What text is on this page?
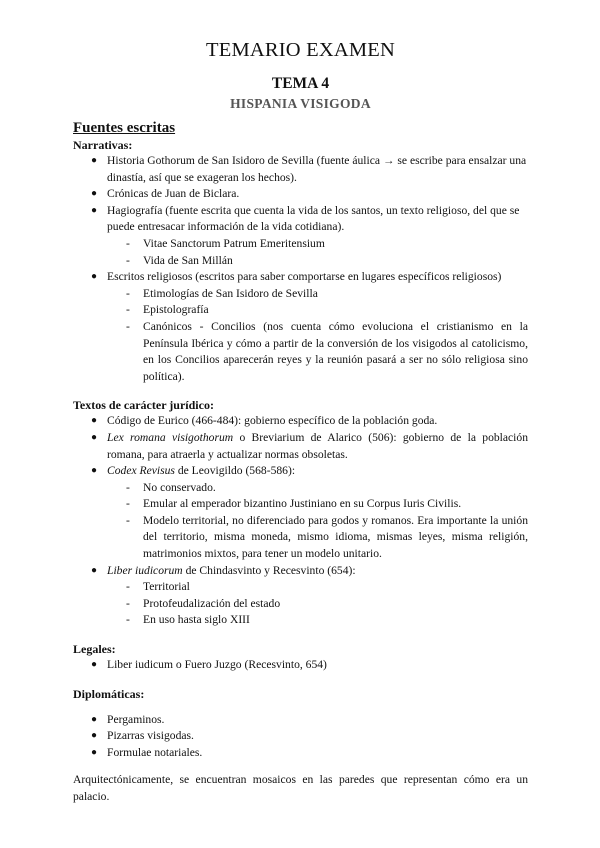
TEMARIO EXAMEN
TEMA 4
HISPANIA VISIGODA
Fuentes escritas
Narrativas:
● Historia Gothorum de San Isidoro de Sevilla (fuente áulica → se escribe para ensalzar una dinastía, así que se exageran los hechos).
● Crónicas de Juan de Biclara.
● Hagiografía (fuente escrita que cuenta la vida de los santos, un texto religioso, del que se puede entresacar información de la vida cotidiana).
- Vitae Sanctorum Patrum Emeritensium
- Vida de San Millán
● Escritos religiosos (escritos para saber comportarse en lugares específicos religiosos)
- Etimologías de San Isidoro de Sevilla
- Epistolografía
- Canónicos - Concilios (nos cuenta cómo evoluciona el cristianismo en la Península Ibérica y cómo a partir de la conversión de los visigodos al catolicismo, en los Concilios aparecerán reyes y la reunión pasará a ser no sólo religiosa sino política).
Textos de carácter jurídico:
● Código de Eurico (466-484): gobierno específico de la población goda.
● Lex romana visigothorum o Breviarium de Alarico (506): gobierno de la población romana, para atraerla y actualizar normas obsoletas.
● Codex Revisus de Leovigildo (568-586):
- No conservado.
- Emular al emperador bizantino Justiniano en su Corpus Iuris Civilis.
- Modelo territorial, no diferenciado para godos y romanos. Era importante la unión del territorio, misma moneda, mismo idioma, mismas leyes, misma religión, matrimonios mixtos, para tener un modelo unitario.
● Liber iudicorum de Chindasvinto y Recesvinto (654):
- Territorial
- Protofeudalización del estado
- En uso hasta siglo XIII
Legales:
● Liber iudicum o Fuero Juzgo (Recesvinto, 654)
Diplomáticas:
● Pergaminos.
● Pizarras visigodas.
● Formulae notariales.
Arquitectónicamente, se encuentran mosaicos en las paredes que representan cómo era un palacio.
